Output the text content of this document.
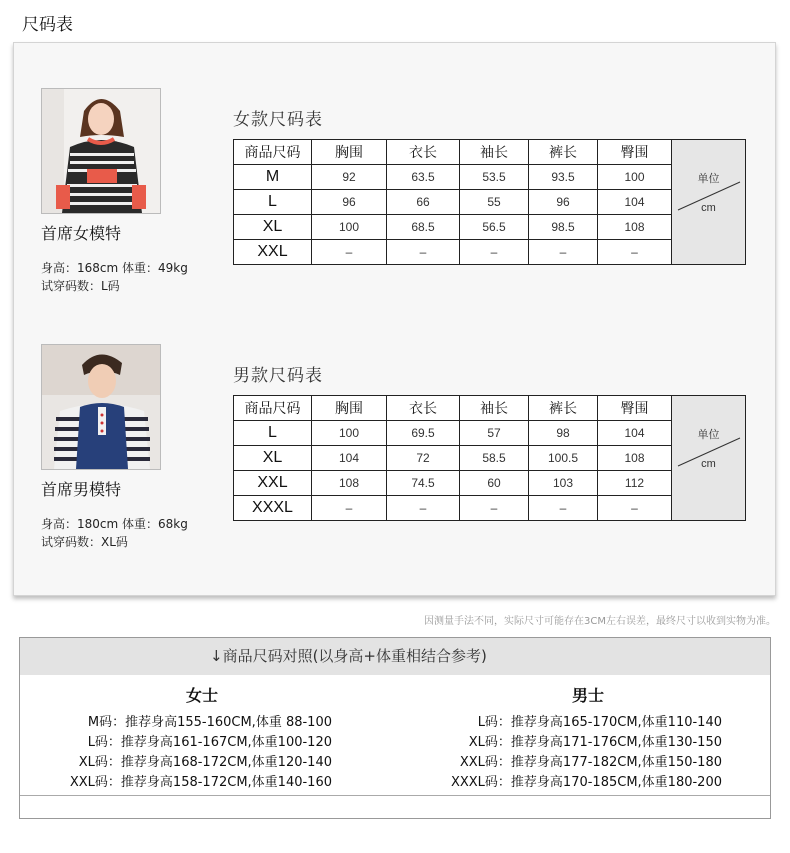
尺码表
首席女模特
身高：168cm 体重：49kg
试穿码数：L码
女款尺码表
商品尺码	胸围	衣长	袖长	裤长	臀围	单位
cm

M	92	63.5	53.5	93.5	100	
L	96	66	55	96	104	
XL	100	68.5	56.5	98.5	108	
XXL	–	–	–	–	–	
首席男模特
身高：180cm 体重：68kg
试穿码数：XL码
男款尺码表
商品尺码	胸围	衣长	袖长	裤长	臀围	单位
cm

L	100	69.5	57	98	104	
XL	104	72	58.5	100.5	108	
XXL	108	74.5	60	103	112	
XXXL	–	–	–	–	–	
因测量手法不同，实际尺寸可能存在3CM左右误差，最终尺寸以收到实物为准。
↓商品尺码对照(以身高+体重相结合参考)
女士
M码：推荐身高155-160CM,体重 88-100
L码：推荐身高161-167CM,体重100-120
XL码：推荐身高168-172CM,体重120-140
XXL码：推荐身高158-172CM,体重140-160
男士
L码：推荐身高165-170CM,体重110-140
XL码：推荐身高171-176CM,体重130-150
XXL码：推荐身高177-182CM,体重150-180
XXXL码：推荐身高170-185CM,体重180-200
